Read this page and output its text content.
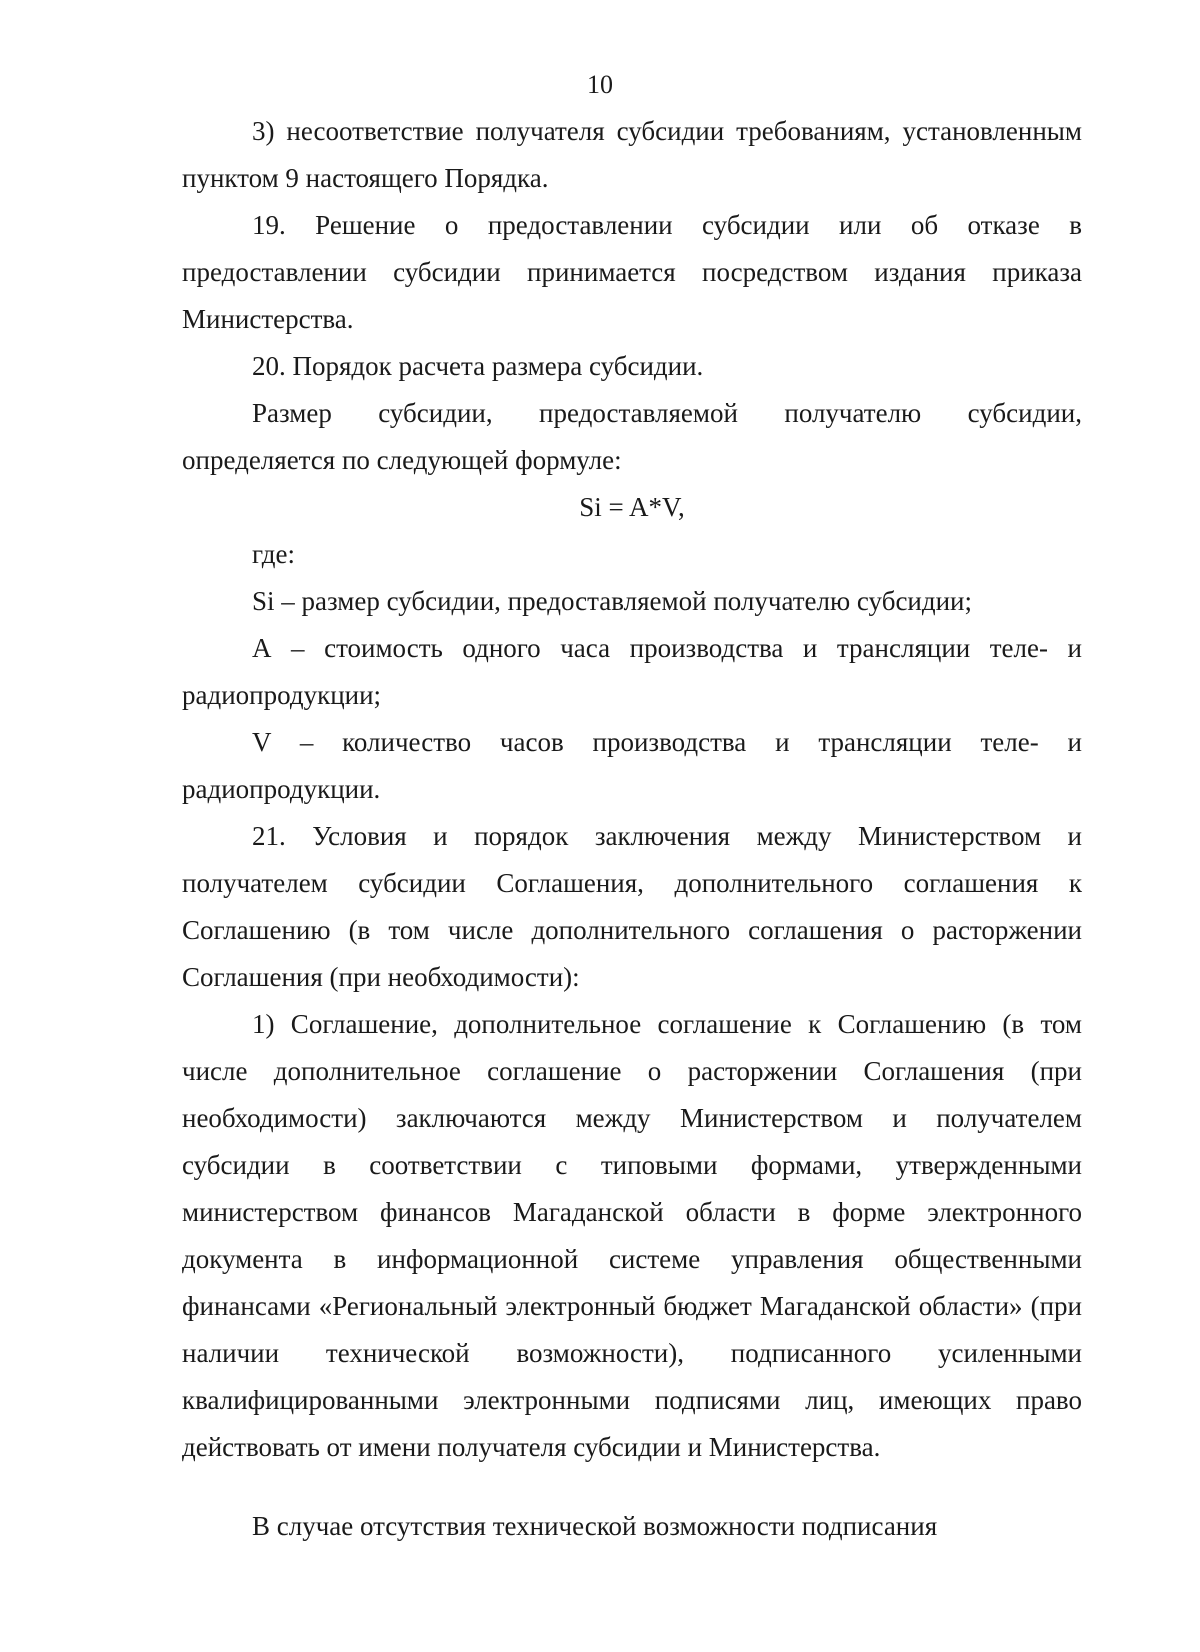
10

3) несоответствие получателя субсидии требованиям, установленным пунктом 9 настоящего Порядка.

19. Решение о предоставлении субсидии или об отказе в предоставлении субсидии принимается посредством издания приказа Министерства.

20. Порядок расчета размера субсидии.

Размер субсидии, предоставляемой получателю субсидии, определяется по следующей формуле:

Si = A*V,

где:

Si – размер субсидии, предоставляемой получателю субсидии;

А – стоимость одного часа производства и трансляции теле- и радиопродукции;

V – количество часов производства и трансляции теле- и радиопродукции.

21. Условия и порядок заключения между Министерством и получателем субсидии Соглашения, дополнительного соглашения к Соглашению (в том числе дополнительного соглашения о расторжении Соглашения (при необходимости):

1) Соглашение, дополнительное соглашение к Соглашению (в том числе дополнительное соглашение о расторжении Соглашения (при необходимости) заключаются между Министерством и получателем субсидии в соответствии с типовыми формами, утвержденными министерством финансов Магаданской области в форме электронного документа в информационной системе управления общественными финансами «Региональный электронный бюджет Магаданской области» (при наличии технической возможности), подписанного усиленными квалифицированными электронными подписями лиц, имеющих право действовать от имени получателя субсидии и Министерства.

В случае отсутствия технической возможности подписания
